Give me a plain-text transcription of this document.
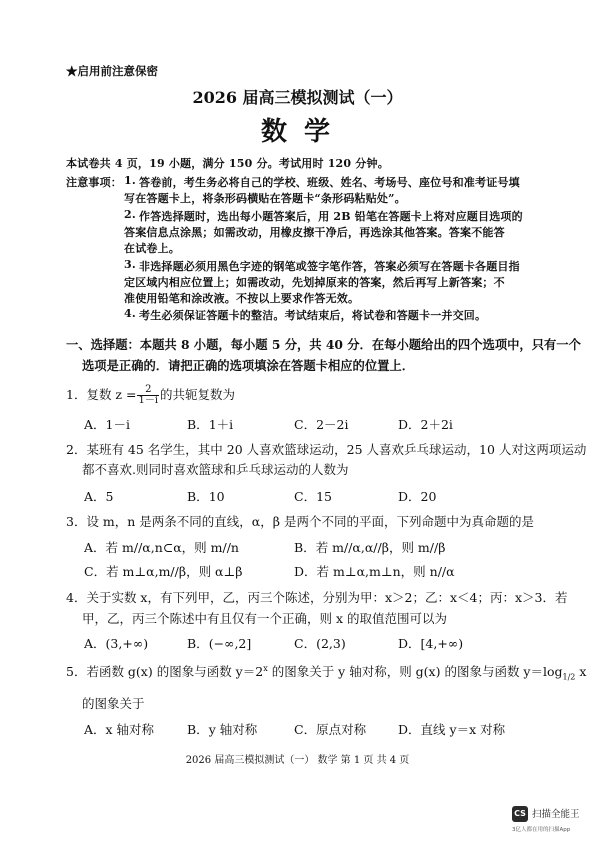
★启用前注意保密
2026 届高三模拟测试（一）
数 学
本试卷共 4 页，19 小题，满分 150 分。考试用时 120 分钟。
注意事项： 1. 答卷前，考生务必将自己的学校、班级、姓名、考场号、座位号和准考证号填
写在答题卡上，将条形码横贴在答题卡“条形码粘贴处”。
2. 作答选择题时，选出每小题答案后，用 2B 铅笔在答题卡上将对应题目选项的
答案信息点涂黑；如需改动，用橡皮擦干净后，再选涂其他答案。答案不能答
在试卷上。
3. 非选择题必须用黑色字迹的钢笔或签字笔作答，答案必须写在答题卡各题目指
定区域内相应位置上；如需改动，先划掉原来的答案，然后再写上新答案；不
准使用铅笔和涂改液。不按以上要求作答无效。
4. 考生必须保证答题卡的整洁。考试结束后，将试卷和答题卡一并交回。
一、选择题：本题共 8 小题，每小题 5 分，共 40 分．在每小题给出的四个选项中，只有一个
选项是正确的．请把正确的选项填涂在答题卡相应的位置上．
1．复数 $z = \frac{2}{1-i}$ 的共轭复数为
A．1－i	B．1＋i	C．2－2i	D．2＋2i
2．某班有 45 名学生，其中 20 人喜欢篮球运动，25 人喜欢乒乓球运动，10 人对这两项运动
都不喜欢.则同时喜欢篮球和乒乓球运动的人数为
A．5	B．10	C．15	D．20
3．设 m，n 是两条不同的直线，α，β 是两个不同的平面，下列命题中为真命题的是
A．若 m//α,n⊂α，则 m//n	B．若 m//α,α//β，则 m//β
C．若 m⊥α,m//β，则 α⊥β	D．若 m⊥α,m⊥n，则 n//α
4．关于实数 x，有下列甲，乙，丙三个陈述，分别为甲：x＞2；乙：x＜4；丙：x＞3．若
甲，乙，丙三个陈述中有且仅有一个正确，则 x 的取值范围可以为
A．(3,+∞)	B．(−∞,2]	C．(2,3)	D．[4,+∞)
5．若函数 g(x) 的图象与函数 $y=2^x$ 的图象关于 y 轴对称，则 g(x) 的图象与函数 $y=\log_{1/2}$ x
的图象关于
A．x 轴对称	B．y 轴对称	C．原点对称	D．直线 y＝x 对称
2026 届高三模拟测试（一） 数学 第 1 页 共 4 页
CS 扫描全能王
3亿人都在用的扫描App
